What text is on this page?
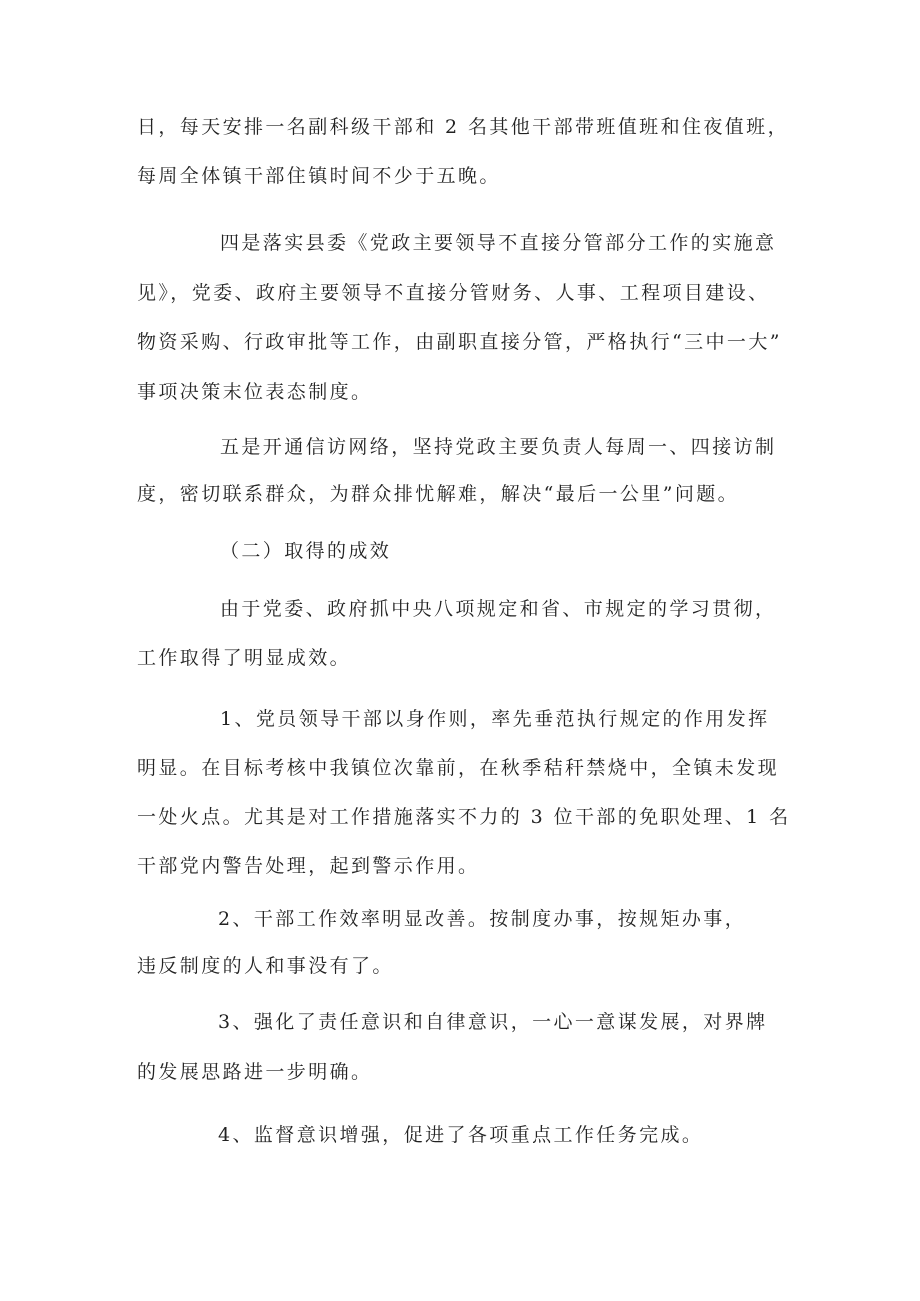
日，每天安排一名副科级干部和 2 名其他干部带班值班和住夜值班，
每周全体镇干部住镇时间不少于五晚。
四是落实县委《党政主要领导不直接分管部分工作的实施意
见》，党委、政府主要领导不直接分管财务、人事、工程项目建设、
物资采购、行政审批等工作，由副职直接分管，严格执行“三中一大”
事项决策末位表态制度。
五是开通信访网络，坚持党政主要负责人每周一、四接访制
度，密切联系群众，为群众排忧解难，解决“最后一公里”问题。
（二）取得的成效
由于党委、政府抓中央八项规定和省、市规定的学习贯彻，
工作取得了明显成效。
1、党员领导干部以身作则，率先垂范执行规定的作用发挥
明显。在目标考核中我镇位次靠前，在秋季秸秆禁烧中，全镇未发现
一处火点。尤其是对工作措施落实不力的 3 位干部的免职处理、1 名
干部党内警告处理，起到警示作用。
2、干部工作效率明显改善。按制度办事，按规矩办事，
违反制度的人和事没有了。
3、强化了责任意识和自律意识，一心一意谋发展，对界牌
的发展思路进一步明确。
4、监督意识增强，促进了各项重点工作任务完成。
